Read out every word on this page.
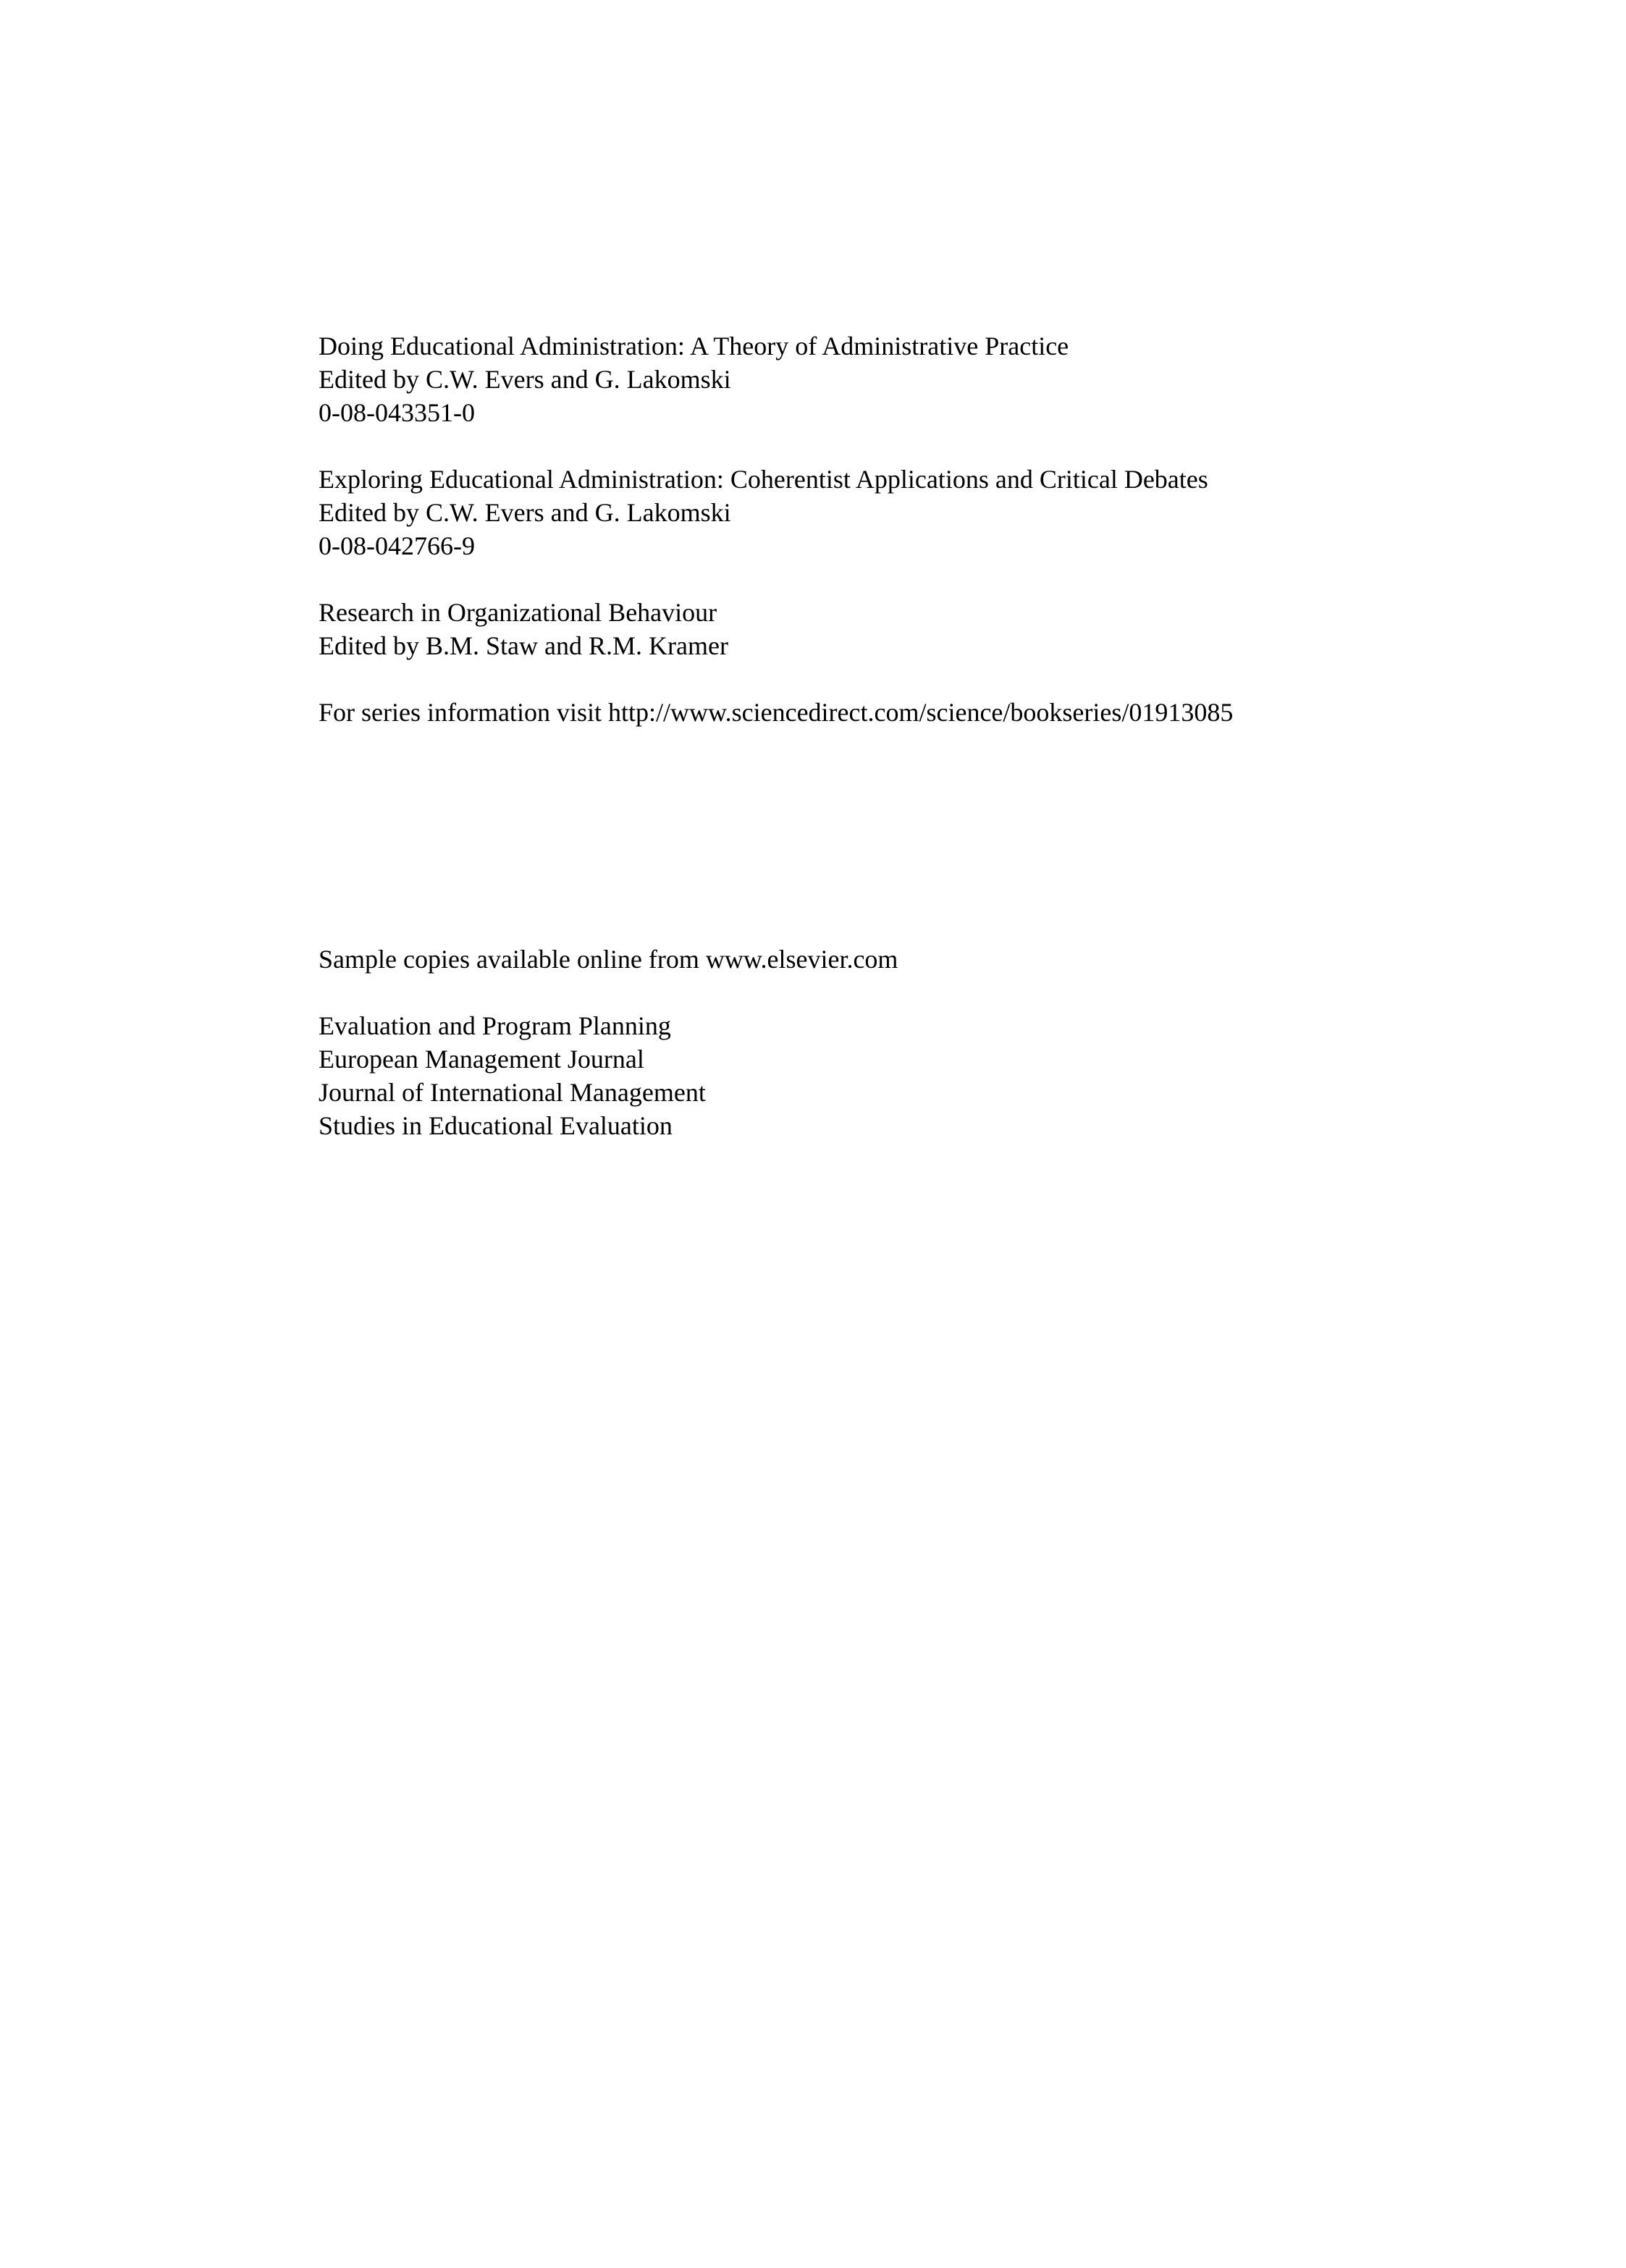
Doing Educational Administration: A Theory of Administrative Practice
Edited by C.W. Evers and G. Lakomski
0-08-043351-0
Exploring Educational Administration: Coherentist Applications and Critical Debates
Edited by C.W. Evers and G. Lakomski
0-08-042766-9
Research in Organizational Behaviour
Edited by B.M. Staw and R.M. Kramer
For series information visit http://www.sciencedirect.com/science/bookseries/01913085
Sample copies available online from www.elsevier.com
Evaluation and Program Planning
European Management Journal
Journal of International Management
Studies in Educational Evaluation
